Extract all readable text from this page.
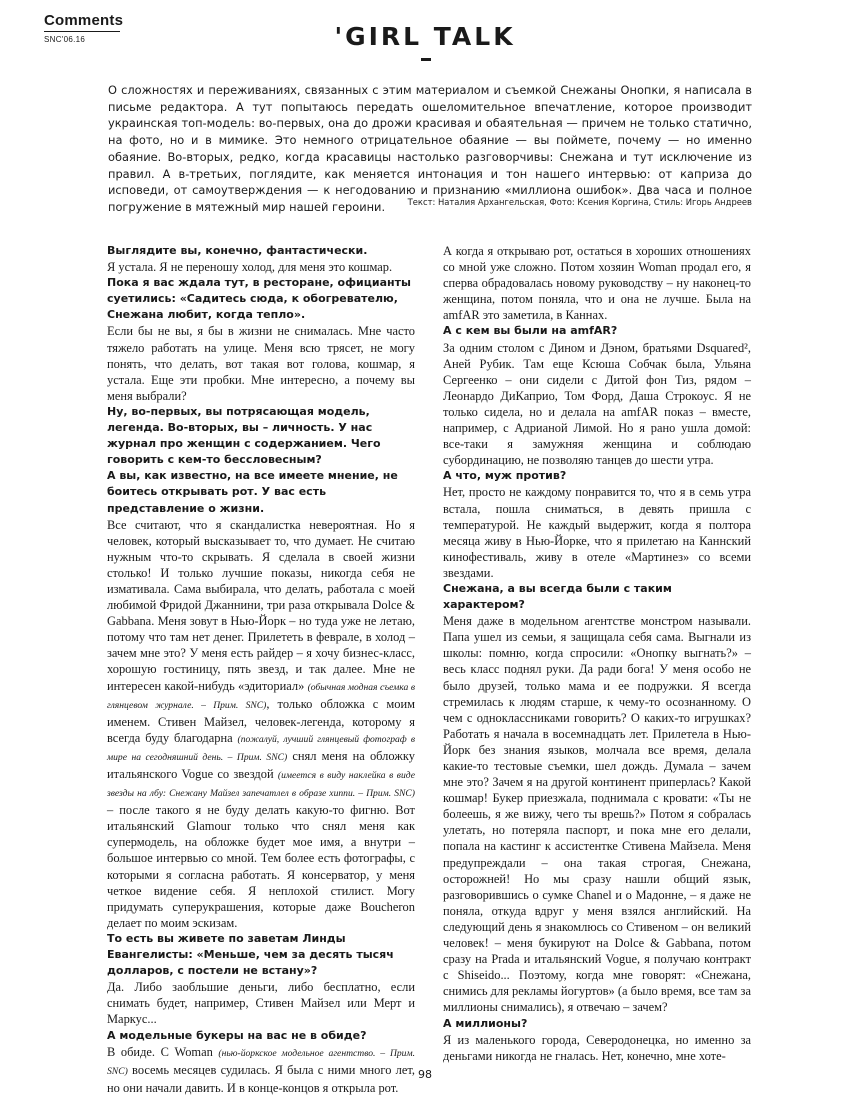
Comments
SNC'06.16	'GIRL TALK
О сложностях и переживаниях, связанных с этим материалом и съемкой Снежаны Онопки, я написала в письме редактора. А тут попытаюсь передать ошеломительное впечатление, которое производит украинская топ-модель: во-первых, она до дрожи красивая и обаятельная — причем не только статично, на фото, но и в мимике. Это немного отрицательное обаяние — вы поймете, почему — но именно обаяние. Во-вторых, редко, когда красавицы настолько разговорчивы: Снежана и тут исключение из правил. А в-третьих, поглядите, как меняется интонация и тон нашего интервью: от каприза до исповеди, от самоутверждения — к негодованию и признанию «миллиона ошибок». Два часа и полное погружение в мятежный мир нашей героини.	Текст: Наталия Архангельская, Фото: Ксения Коргина, Стиль: Игорь Андреев

Выглядите вы, конечно, фантастически.

Я устала. Я не переношу холод, для меня это кошмар.

Пока я вас ждала тут, в ресторане, официанты суетились: «Садитесь сюда, к обогревателю, Снежана любит, когда тепло».

Если бы не вы, я бы в жизни не снималась. Мне часто тяжело работать на улице. Меня всю трясет, не могу понять, что делать, вот такая вот голова, кошмар, я устала. Еще эти пробки. Мне интересно, а почему вы меня выбрали?

Ну, во-первых, вы потрясающая модель, легенда. Во-вторых, вы – личность. У нас журнал про женщин с содержанием. Чего говорить с кем-то бессловесным?

А вы, как известно, на все имеете мнение, не боитесь открывать рот. У вас есть представление о жизни.

Все считают, что я скандалистка невероятная. Но я человек, который высказывает то, что думает. Не считаю нужным что-то скрывать. Я сделала в своей жизни столько! И только лучшие показы, никогда себя не измативала. Сама выбирала, что делать, работала с моей любимой Фридой Джаннини, три раза открывала Dolce & Gabbana. Меня зовут в Нью-Йорк – но туда уже не летаю, потому что там нет денег. Прилететь в феврале, в холод – зачем мне это? У меня есть райдер – я хочу бизнес-класс, хорошую гостиницу, пять звезд, и так далее. Мне не интересен какой-нибудь «эдиториал» (обычная модная съемка в глянцевом журнале. – Прим. SNC), только обложка с моим именем. Стивен Майзел, человек-легенда, которому я всегда буду благодарна (пожалуй, лучший глянцевый фотограф в мире на сегодняшний день. – Прим. SNC) снял меня на обложку итальянского Vogue со звездой (имеется в виду наклейка в виде звезды на лбу: Снежану Майзел запечатлел в образе хиппи. – Прим. SNC) – после такого я не буду делать какую-то фигню. Вот итальянский Glamour только что снял меня как супермодель, на обложке будет мое имя, а внутри – большое интервью со мной. Тем более есть фотографы, с которыми я согласна работать. Я консерватор, у меня четкое видение себя. Я неплохой стилист. Могу придумать суперукрашения, которые даже Boucheron делает по моим эскизам.

То есть вы живете по заветам Линды Евангелисты: «Меньше, чем за десять тысяч долларов, с постели не встану»?

Да. Либо заобльшие деньги, либо бесплатно, если снимать будет, например, Стивен Майзел или Мерт и Маркус...

А модельные букеры на вас не в обиде?

В обиде. С Woman (нью-йоркское модельное агентство. – Прим. SNC) восемь месяцев судилась. Я была с ними много лет, но они начали давить. И в конце-концов я открыла рот.

А когда я открываю рот, остаться в хороших отношениях со мной уже сложно. Потом хозяин Woman продал его, я сперва обрадовалась новому руководству – ну наконец-то женщина, потом поняла, что и она не лучше. Была на amfAR это заметила, в Каннах.

А с кем вы были на amfAR?

За одним столом с Дином и Дэном, братьями Dsquared², Аней Рубик. Там еще Ксюша Собчак была, Ульяна Сергеенко – они сидели с Дитой фон Тиз, рядом – Леонардо ДиКаприо, Том Форд, Даша Строкоус. Я не только сидела, но и делала на amfAR показ – вместе, например, с Адрианой Лимой. Но я рано ушла домой: все-таки я замужняя женщина и соблюдаю субординацию, не позволяю танцев до шести утра.

А что, муж против?

Нет, просто не каждому понравится то, что я в семь утра встала, пошла сниматься, в девять пришла с температурой. Не каждый выдержит, когда я полтора месяца живу в Нью-Йорке, что я прилетаю на Каннский кинофестиваль, живу в отеле «Мартинез» со всеми звездами.

Снежана, а вы всегда были с таким характером?

Меня даже в модельном агентстве монстром называли. Папа ушел из семьи, я защищала себя сама. Выгнали из школы: помню, когда спросили: «Онопку выгнать?» – весь класс поднял руки. Да ради бога! У меня особо не было друзей, только мама и ее подружки. Я всегда стремилась к людям старше, к чему-то осознанному. О чем с одноклассниками говорить? О каких-то игрушках? Работать я начала в восемнадцать лет. Прилетела в Нью-Йорк без знания языков, молчала все время, делала какие-то тестовые съемки, шел дождь. Думала – зачем мне это? Зачем я на другой континент приперлась? Какой кошмар! Букер приезжала, поднимала с кровати: «Ты не болеешь, я же вижу, чего ты врешь?» Потом я собралась улетать, но потеряла паспорт, и пока мне его делали, попала на кастинг к ассистентке Стивена Майзела. Меня предупреждали – она такая строгая, Снежана, осторожней! Но мы сразу нашли общий язык, разговорившись о сумке Chanel и о Мадонне, – я даже не поняла, откуда вдруг у меня взялся английский. На следующий день я знакомлюсь со Стивеном – он великий человек! – меня букируют на Dolce & Gabbana, потом сразу на Prada и итальянский Vogue, я получаю контракт с Shiseido... Поэтому, когда мне говорят: «Снежана, снимись для рекламы йогуртов» (а было время, все там за миллионы снимались), я отвечаю – зачем?

А миллионы?

Я из маленького города, Северодонецка, но именно за деньгами никогда не гналась. Нет, конечно, мне хоте-

98
